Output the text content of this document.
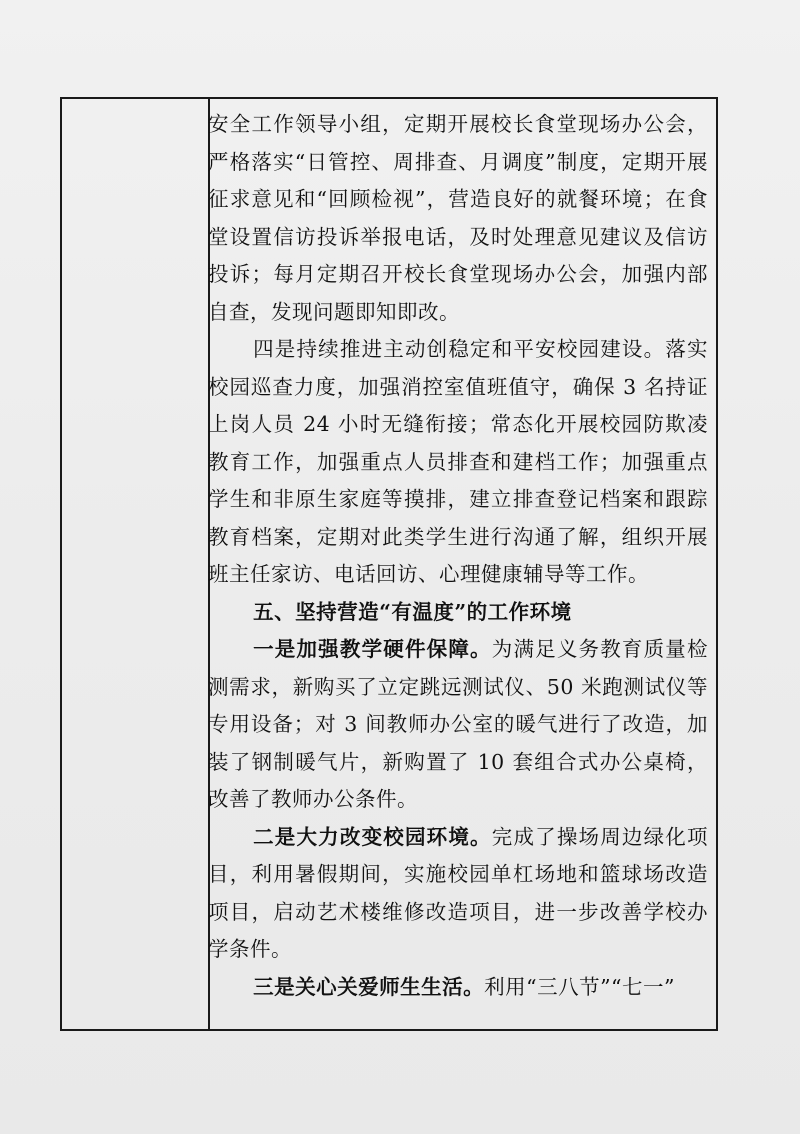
安全工作领导小组，定期开展校长食堂现场办公会，严格落实“日管控、周排查、月调度”制度，定期开展征求意见和“回顾检视”，营造良好的就餐环境；在食堂设置信访投诉举报电话，及时处理意见建议及信访投诉；每月定期召开校长食堂现场办公会，加强内部自查，发现问题即知即改。

四是持续推进主动创稳定和平安校园建设。落实校园巡查力度，加强消控室值班值守，确保 3 名持证上岗人员 24 小时无缝衔接；常态化开展校园防欺凌教育工作，加强重点人员排查和建档工作；加强重点学生和非原生家庭等摸排，建立排查登记档案和跟踪教育档案，定期对此类学生进行沟通了解，组织开展班主任家访、电话回访、心理健康辅导等工作。

五、坚持营造“有温度”的工作环境

一是加强教学硬件保障。为满足义务教育质量检测需求，新购买了立定跳远测试仪、50 米跑测试仪等专用设备；对 3 间教师办公室的暖气进行了改造，加装了钢制暖气片，新购置了 10 套组合式办公桌椅，改善了教师办公条件。

二是大力改变校园环境。完成了操场周边绿化项目，利用暑假期间，实施校园单杠场地和篮球场改造项目，启动艺术楼维修改造项目，进一步改善学校办学条件。

三是关心关爱师生生活。利用“三八节”“七一”
